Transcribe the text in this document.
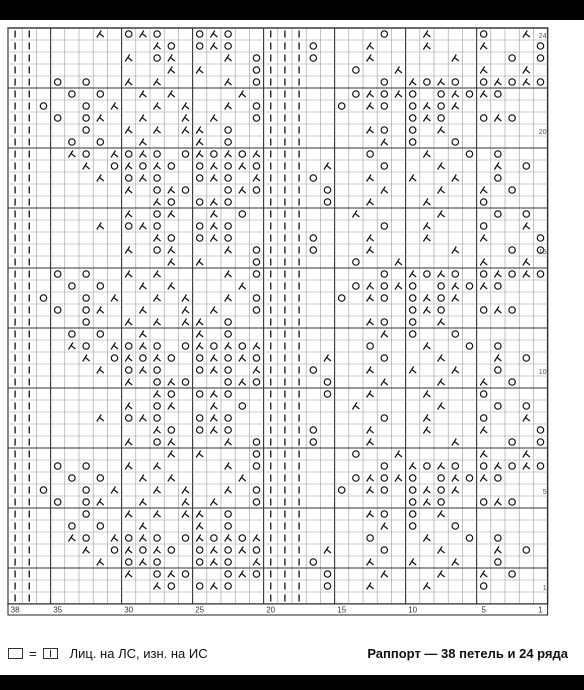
38	35	30	25	20	15	10	5	1
24
20
15
10
5
1
=	Лиц. на ЛС, изн. на ИС	Раппорт — 38 петель и 24 ряда
